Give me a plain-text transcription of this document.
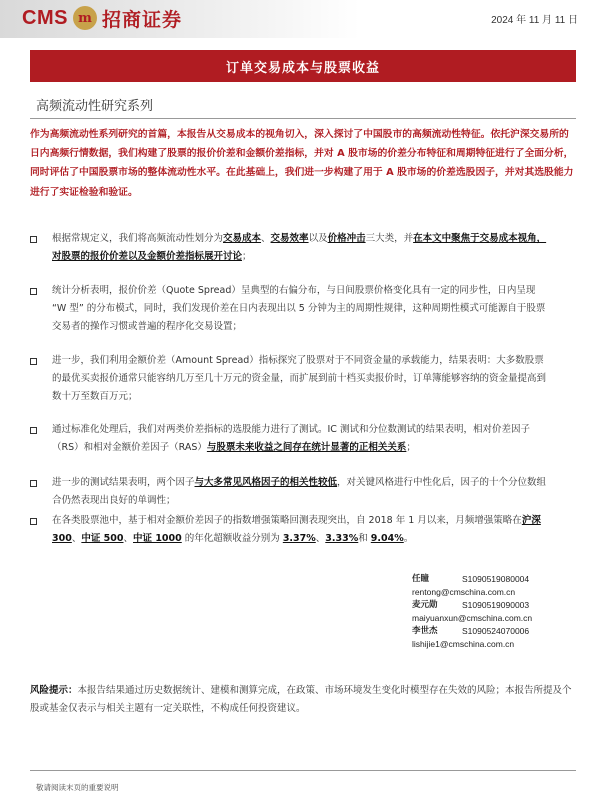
CMS m 招商证券	2024 年 11 月 11 日
订单交易成本与股票收益
高频流动性研究系列
作为高频流动性系列研究的首篇，本报告从交易成本的视角切入，深入探讨了中国股市的高频流动性特征。依托沪深交易所的日内高频行情数据，我们构建了股票的报价价差和金额价差指标，并对 A 股市场的价差分布特征和周期特征进行了全面分析，同时评估了中国股票市场的整体流动性水平。在此基础上，我们进一步构建了用于 A 股市场的价差选股因子，并对其选股能力进行了实证检验和验证。
根据常规定义，我们将高频流动性划分为交易成本、交易效率以及价格冲击三大类，并在本文中聚焦于交易成本视角，对股票的报价价差以及金额价差指标展开讨论；
统计分析表明，报价价差（Quote Spread）呈典型的右偏分布，与日间股票价格变化具有一定的同步性，日内呈现 “W 型” 的分布模式，同时，我们发现价差在日内表现出以 5 分钟为主的周期性规律，这种周期性模式可能源自于股票交易者的操作习惯或普遍的程序化交易设置；
进一步，我们利用金额价差（Amount Spread）指标探究了股票对于不同资金量的承载能力，结果表明：大多数股票的最优买卖报价通常只能容纳几万至几十万元的资金量，而扩展到前十档买卖报价时，订单簿能够容纳的资金量提高到数十万至数百万元；
通过标准化处理后，我们对两类价差指标的选股能力进行了测试。IC 测试和分位数测试的结果表明，相对价差因子（RS）和相对金额价差因子（RAS）与股票未来收益之间存在统计显著的正相关关系；
进一步的测试结果表明，两个因子与大多常见风格因子的相关性较低，对关键风格进行中性化后，因子的十个分位数组合仍然表现出良好的单调性；
在各类股票池中，基于相对金额价差因子的指数增强策略回测表现突出，自 2018 年 1 月以来，月频增强策略在沪深 300、中证 500、中证 1000 的年化超额收益分别为 3.37%、3.33%和 9.04%。
任瞳	S1090519080004
rentong@cmschina.com.cn
麦元勋	S1090519090003
maiyuanxun@cmschina.com.cn
李世杰	S1090524070006
lishijie1@cmschina.com.cn
风险提示：本报告结果通过历史数据统计、建模和测算完成，在政策、市场环境发生变化时模型存在失效的风险；本报告所提及个股或基金仅表示与相关主题有一定关联性，不构成任何投资建议。
敬请阅读末页的重要说明
